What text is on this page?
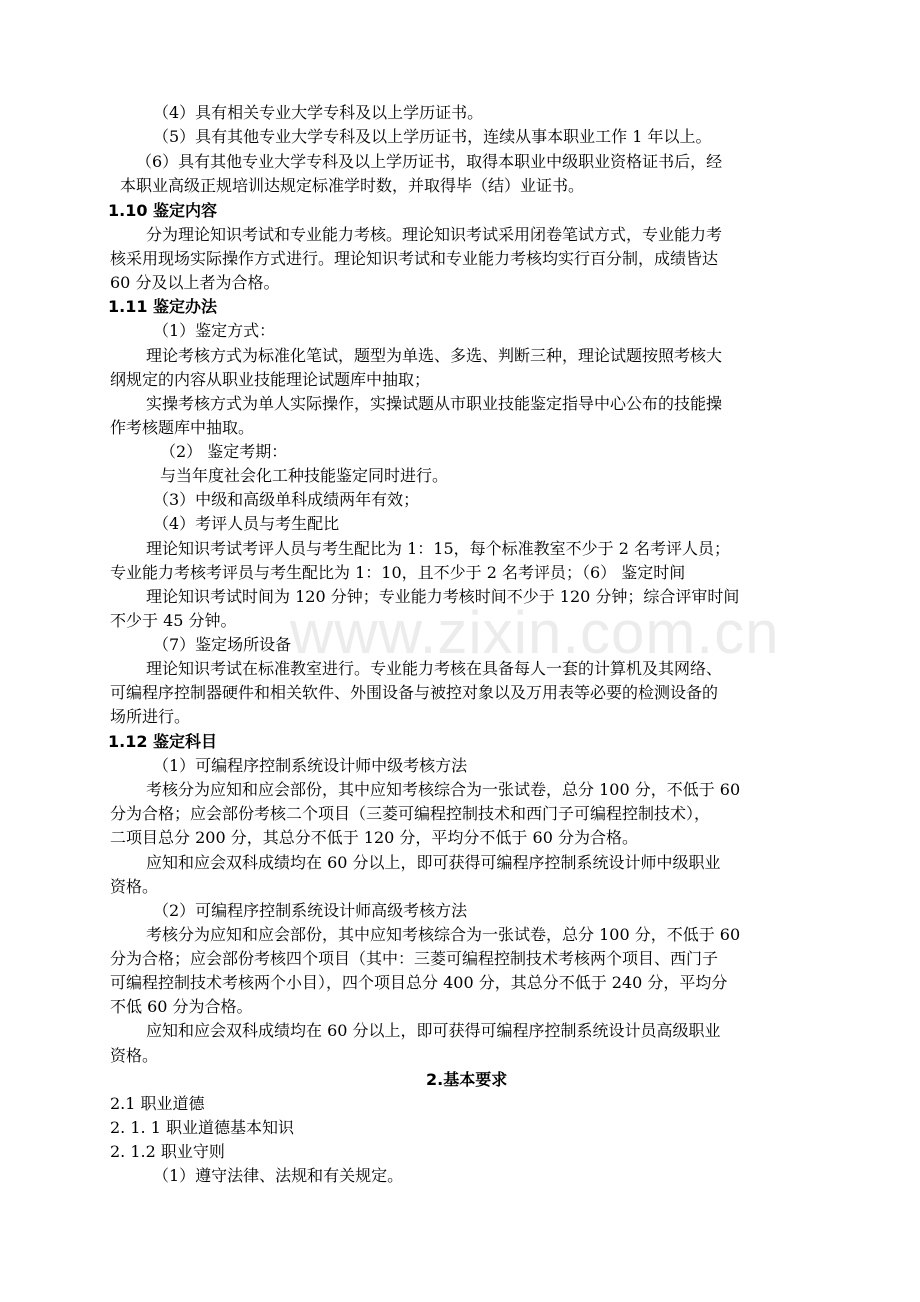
www.zixin.com.cn
（4）具有相关专业大学专科及以上学历证书。
（5）具有其他专业大学专科及以上学历证书，连续从事本职业工作 1 年以上。
（6）具有其他专业大学专科及以上学历证书，取得本职业中级职业资格证书后，经
本职业高级正规培训达规定标准学时数，并取得毕（结）业证书。
1.10 鉴定内容
分为理论知识考试和专业能力考核。理论知识考试采用闭卷笔试方式，专业能力考
核采用现场实际操作方式进行。理论知识考试和专业能力考核均实行百分制，成绩皆达
60 分及以上者为合格。
1.11 鉴定办法
（1）鉴定方式：
理论考核方式为标准化笔试，题型为单选、多选、判断三种，理论试题按照考核大
纲规定的内容从职业技能理论试题库中抽取；
实操考核方式为单人实际操作，实操试题从市职业技能鉴定指导中心公布的技能操
作考核题库中抽取。
（2） 鉴定考期：
与当年度社会化工种技能鉴定同时进行。
（3）中级和高级单科成绩两年有效；
（4）考评人员与考生配比
理论知识考试考评人员与考生配比为 1：15，每个标准教室不少于 2 名考评人员；
专业能力考核考评员与考生配比为 1：10，且不少于 2 名考评员；（6） 鉴定时间
理论知识考试时间为 120 分钟；专业能力考核时间不少于 120 分钟；综合评审时间
不少于 45 分钟。
（7）鉴定场所设备
理论知识考试在标准教室进行。专业能力考核在具备每人一套的计算机及其网络、
可编程序控制器硬件和相关软件、外围设备与被控对象以及万用表等必要的检测设备的
场所进行。
1.12 鉴定科目
（1）可编程序控制系统设计师中级考核方法
考核分为应知和应会部份，其中应知考核综合为一张试卷，总分 100 分，不低于 60
分为合格；应会部份考核二个项目（三菱可编程控制技术和西门子可编程控制技术），
二项目总分 200 分，其总分不低于 120 分，平均分不低于 60 分为合格。
应知和应会双科成绩均在 60 分以上，即可获得可编程序控制系统设计师中级职业
资格。
（2）可编程序控制系统设计师高级考核方法
考核分为应知和应会部份，其中应知考核综合为一张试卷，总分 100 分，不低于 60
分为合格；应会部份考核四个项目（其中：三菱可编程控制技术考核两个项目、西门子
可编程控制技术考核两个小目），四个项目总分 400 分，其总分不低于 240 分，平均分
不低 60 分为合格。
应知和应会双科成绩均在 60 分以上，即可获得可编程序控制系统设计员高级职业
资格。
2.基本要求
2.1 职业道德
2. 1. 1 职业道德基本知识
2. 1.2 职业守则
（1）遵守法律、法规和有关规定。
